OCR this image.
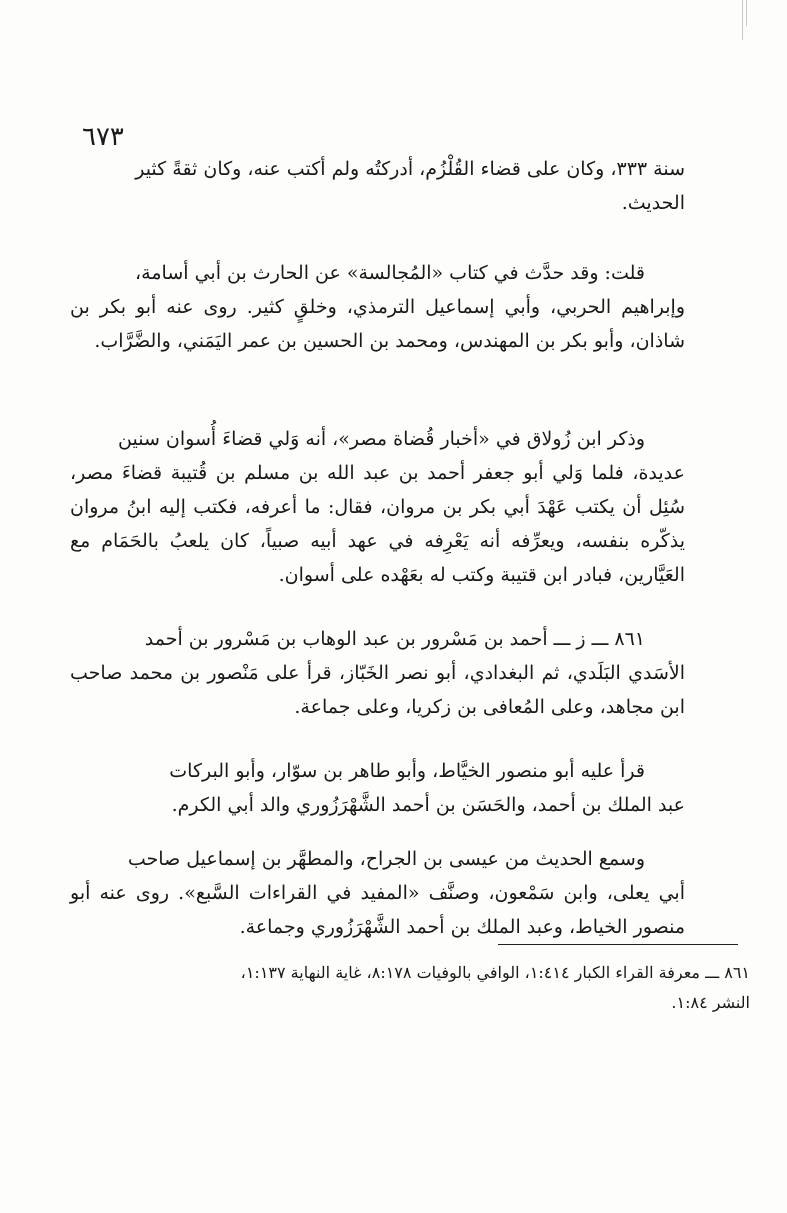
٦٧٣

سنة ٣٣٣، وكان على قضاء القُلْزُم، أدركتُه ولم أكتب عنه، وكان ثقةً كثير
الحديث.

قلت: وقد حدَّث في كتاب «المُجالسة» عن الحارث بن أبي أسامة،
وإبراهيم الحربي، وأبي إسماعيل الترمذي، وخلقٍ كثير. روى عنه أبو بكر بن شاذان، وأبو بكر بن المهندس، ومحمد بن الحسين بن عمر اليَمَني، والضَّرَّاب.

وذكر ابن زُولاق في «أخبار قُضاة مصر»، أنه وَلي قضاءَ أُسوان سنين
عديدة، فلما وَلي أبو جعفر أحمد بن عبد الله بن مسلم بن قُتيبة قضاءَ مصر، سُئِل أن يكتب عَهْدَ أبي بكر بن مروان، فقال: ما أعرفه، فكتب إليه ابنُ مروان يذكّره بنفسه، ويعرِّفه أنه يَعْرِفه في عهد أبيه صبياً، كان يلعبُ بالحَمَام مع العَيَّارين، فبادر ابن قتيبة وكتب له بعَهْده على أسوان.

٨٦١ ـــ ز ـــ أحمد بن مَسْرور بن عبد الوهاب بن مَسْرور بن أحمد
الأسَدي البَلَدي، ثم البغدادي، أبو نصر الخَبّاز، قرأ على مَنْصور بن محمد صاحب ابن مجاهد، وعلى المُعافى بن زكريا، وعلى جماعة.

قرأ عليه أبو منصور الخيَّاط، وأبو طاهر بن سوّار، وأبو البركات
عبد الملك بن أحمد، والحَسَن بن أحمد الشَّهْرَزُوري والد أبي الكرم.

وسمع الحديث من عيسى بن الجراح، والمطهَّر بن إسماعيل صاحب
أبي يعلى، وابن سَمْعون، وصنَّف «المفيد في القراءات السَّبع». روى عنه أبو منصور الخياط، وعبد الملك بن أحمد الشَّهْرَزُوري وجماعة.

٨٦١ ـــ معرفة القراء الكبار ١:٤١٤، الوافي بالوفيات ٨:١٧٨، غاية النهاية ١:١٣٧،
النشر ١:٨٤.
